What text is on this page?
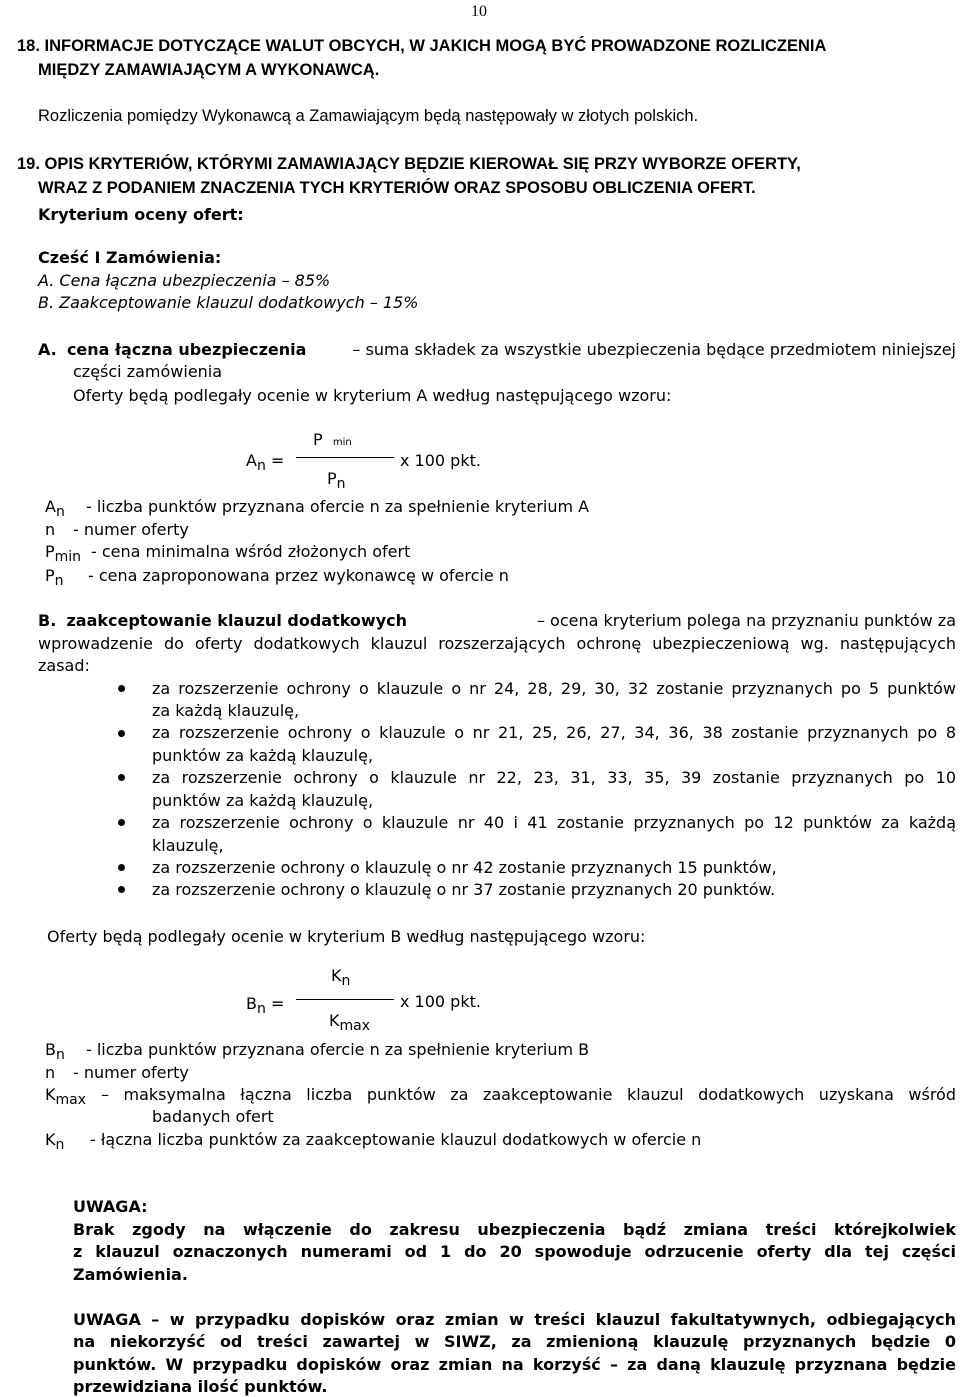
10
18. INFORMACJE DOTYCZĄCE WALUT OBCYCH, W JAKICH MOGĄ BYĆ PROWADZONE ROZLICZENIA
MIĘDZY ZAMAWIAJĄCYM A WYKONAWCĄ.
Rozliczenia pomiędzy Wykonawcą a Zamawiającym będą następowały w złotych polskich.
19. OPIS KRYTERIÓW, KTÓRYMI ZAMAWIAJĄCY BĘDZIE KIEROWAŁ SIĘ PRZY WYBORZE OFERTY,
WRAZ Z PODANIEM ZNACZENIA TYCH KRYTERIÓW ORAZ SPOSOBU OBLICZENIA OFERT.
Kryterium oceny ofert:
Cześć I Zamówienia:
A. Cena łączna ubezpieczenia – 85%
B. Zaakceptowanie klauzul dodatkowych – 15%
A. cena łączna ubezpieczenia	– suma składek za wszystkie ubezpieczenia będące przedmiotem niniejszej
części zamówienia
Oferty będą podlegały ocenie w kryterium A według następującego wzoru:
An =
P min
x 100 pkt.
Pn
An - liczba punktów przyznana ofercie n za spełnienie kryterium A
n - numer oferty
Pmin - cena minimalna wśród złożonych ofert
Pn - cena zaproponowana przez wykonawcę w ofercie n
B. zaakceptowanie klauzul dodatkowych	– ocena kryterium polega na przyznaniu punktów za
wprowadzenie do oferty dodatkowych klauzul rozszerzających ochronę ubezpieczeniową wg. następujących
zasad:
za rozszerzenie ochrony o klauzule o nr 24, 28, 29, 30, 32 zostanie przyznanych po 5 punktów
za każdą klauzulę,
za rozszerzenie ochrony o klauzule o nr 21, 25, 26, 27, 34, 36, 38 zostanie przyznanych po 8
punktów za każdą klauzulę,
za rozszerzenie ochrony o klauzule nr 22, 23, 31, 33, 35, 39 zostanie przyznanych po 10
punktów za każdą klauzulę,
za rozszerzenie ochrony o klauzule nr 40 i 41 zostanie przyznanych po 12 punktów za każdą
klauzulę,
za rozszerzenie ochrony o klauzulę o nr 42 zostanie przyznanych 15 punktów,
za rozszerzenie ochrony o klauzulę o nr 37 zostanie przyznanych 20 punktów.
Oferty będą podlegały ocenie w kryterium B według następującego wzoru:
Bn =
Kn
x 100 pkt.
Kmax
Bn - liczba punktów przyznana ofercie n za spełnienie kryterium B
n - numer oferty
Kmax – maksymalna łączna liczba punktów za zaakceptowanie klauzul dodatkowych uzyskana wśród
badanych ofert
Kn - łączna liczba punktów za zaakceptowanie klauzul dodatkowych w ofercie n
UWAGA:
Brak zgody na włączenie do zakresu ubezpieczenia bądź zmiana treści którejkolwiek
z klauzul oznaczonych numerami od 1 do 20 spowoduje odrzucenie oferty dla tej części
Zamówienia.
UWAGA – w przypadku dopisków oraz zmian w treści klauzul fakultatywnych, odbiegających
na niekorzyść od treści zawartej w SIWZ, za zmienioną klauzulę przyznanych będzie 0
punktów. W przypadku dopisków oraz zmian na korzyść – za daną klauzulę przyznana będzie
przewidziana ilość punktów.
